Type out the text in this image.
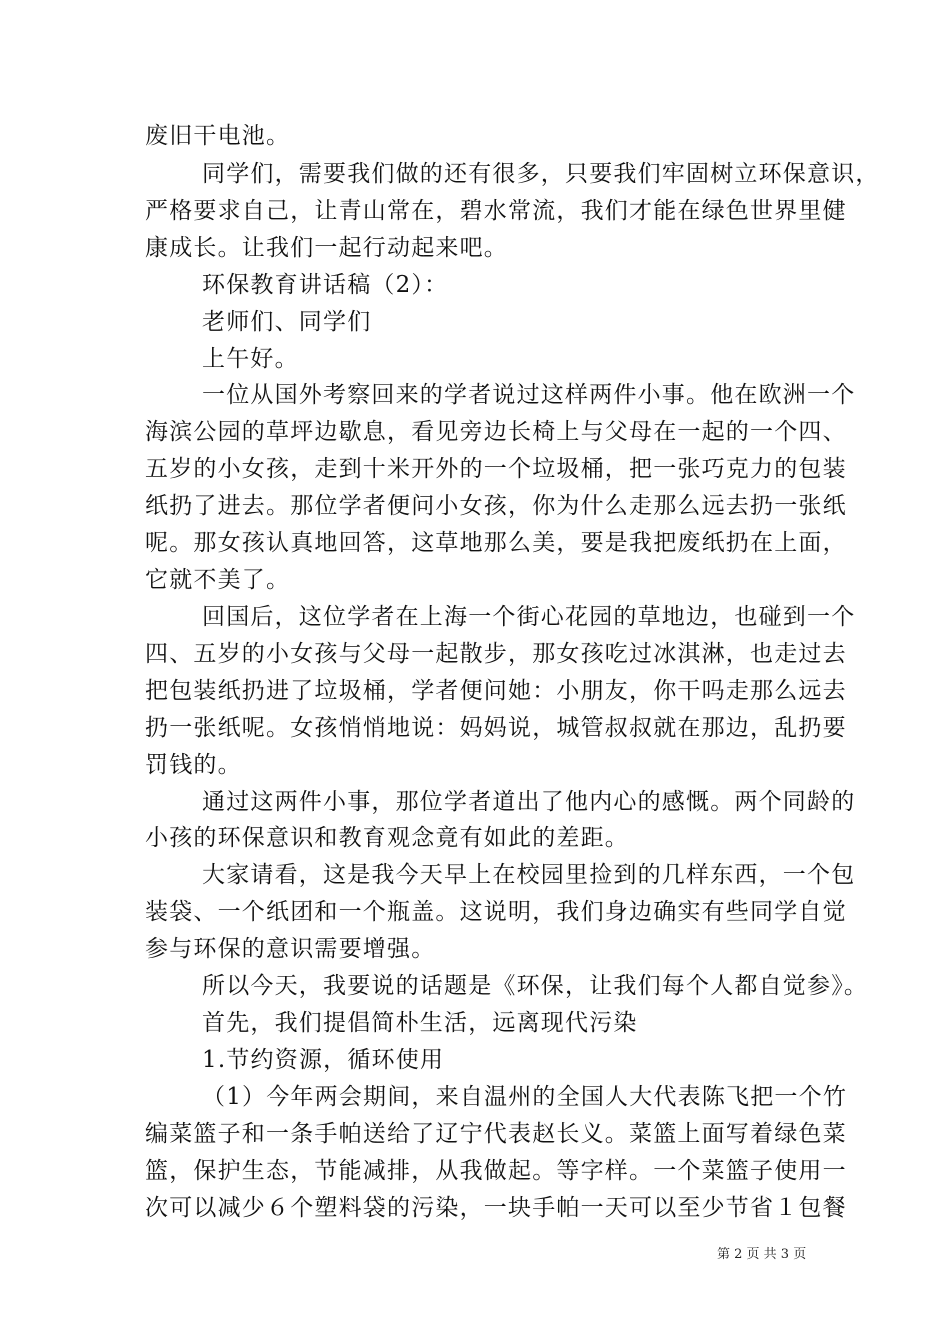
废旧干电池。
同学们，需要我们做的还有很多，只要我们牢固树立环保意识，
严格要求自己，让青山常在，碧水常流，我们才能在绿色世界里健
康成长。让我们一起行动起来吧。
环保教育讲话稿（2）：
老师们、同学们
上午好。
一位从国外考察回来的学者说过这样两件小事。他在欧洲一个
海滨公园的草坪边歇息，看见旁边长椅上与父母在一起的一个四、
五岁的小女孩，走到十米开外的一个垃圾桶，把一张巧克力的包装
纸扔了进去。那位学者便问小女孩，你为什么走那么远去扔一张纸
呢。那女孩认真地回答，这草地那么美，要是我把废纸扔在上面，
它就不美了。
回国后，这位学者在上海一个街心花园的草地边，也碰到一个
四、五岁的小女孩与父母一起散步，那女孩吃过冰淇淋，也走过去
把包装纸扔进了垃圾桶，学者便问她：小朋友，你干吗走那么远去
扔一张纸呢。女孩悄悄地说：妈妈说，城管叔叔就在那边，乱扔要
罚钱的。
通过这两件小事，那位学者道出了他内心的感慨。两个同龄的
小孩的环保意识和教育观念竟有如此的差距。
大家请看，这是我今天早上在校园里捡到的几样东西，一个包
装袋、一个纸团和一个瓶盖。这说明，我们身边确实有些同学自觉
参与环保的意识需要增强。
所以今天，我要说的话题是《环保，让我们每个人都自觉参》。
首先，我们提倡简朴生活，远离现代污染
1.节约资源，循环使用
（1）今年两会期间，来自温州的全国人大代表陈飞把一个竹
编菜篮子和一条手帕送给了辽宁代表赵长义。菜篮上面写着绿色菜
篮，保护生态，节能减排，从我做起。等字样。一个菜篮子使用一
次可以减少６个塑料袋的污染，一块手帕一天可以至少节省１包餐
第 2 页 共 3 页
